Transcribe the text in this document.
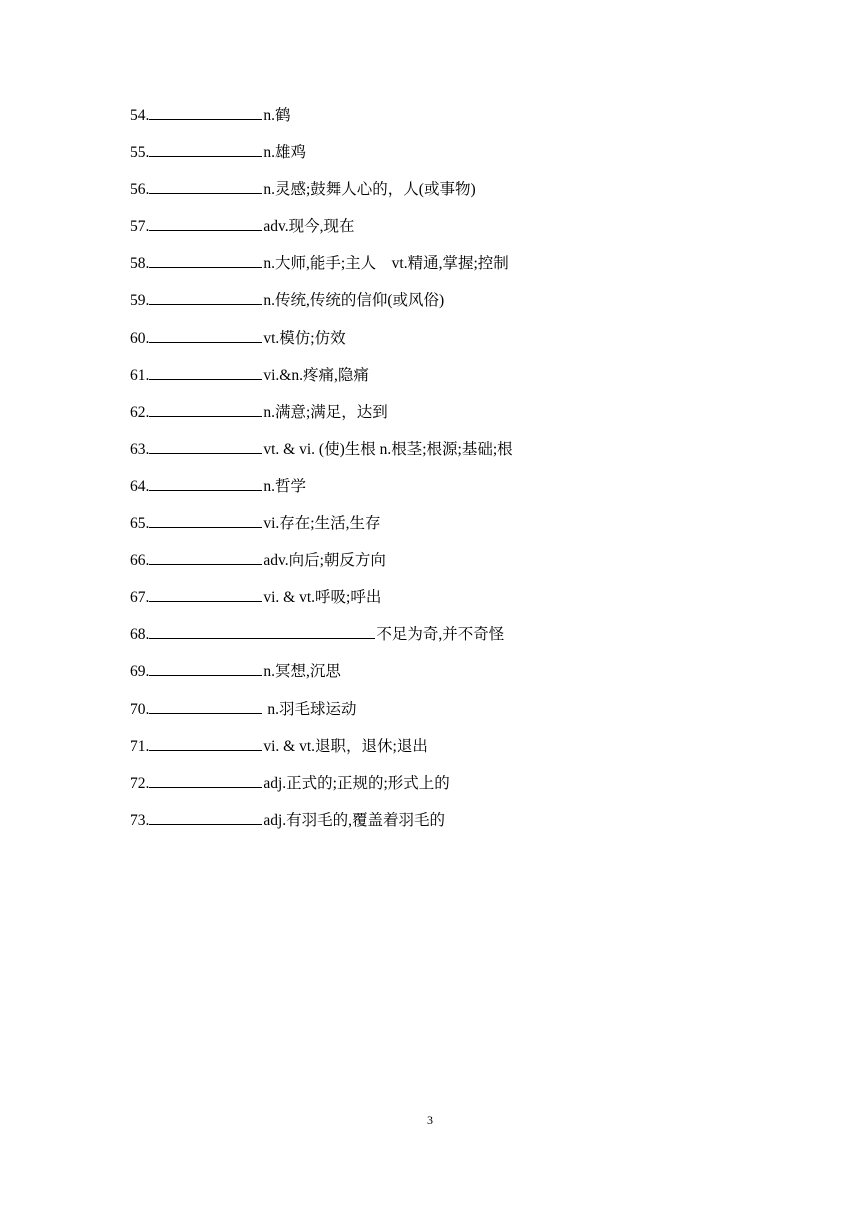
54.	n.鹤
55.	n.雄鸡
56.	n.灵感;鼓舞人心的，人(或事物)
57.	adv.现今,现在
58.	n.大师,能手;主人　vt.精通,掌握;控制
59.	n.传统,传统的信仰(或风俗)
60.	vt.模仿;仿效
61.	vi.&n.疼痛,隐痛
62.	n.满意;满足，达到
63.	vt. & vi. (使)生根 n.根茎;根源;基础;根
64.	n.哲学
65.	vi.存在;生活,生存
66.	adv.向后;朝反方向
67.	vi. & vt.呼吸;呼出
68.	不足为奇,并不奇怪
69.	n.冥想,沉思
70.	n.羽毛球运动
71.	vi. & vt.退职，退休;退出
72.	adj.正式的;正规的;形式上的
73.	adj.有羽毛的,覆盖着羽毛的
3
